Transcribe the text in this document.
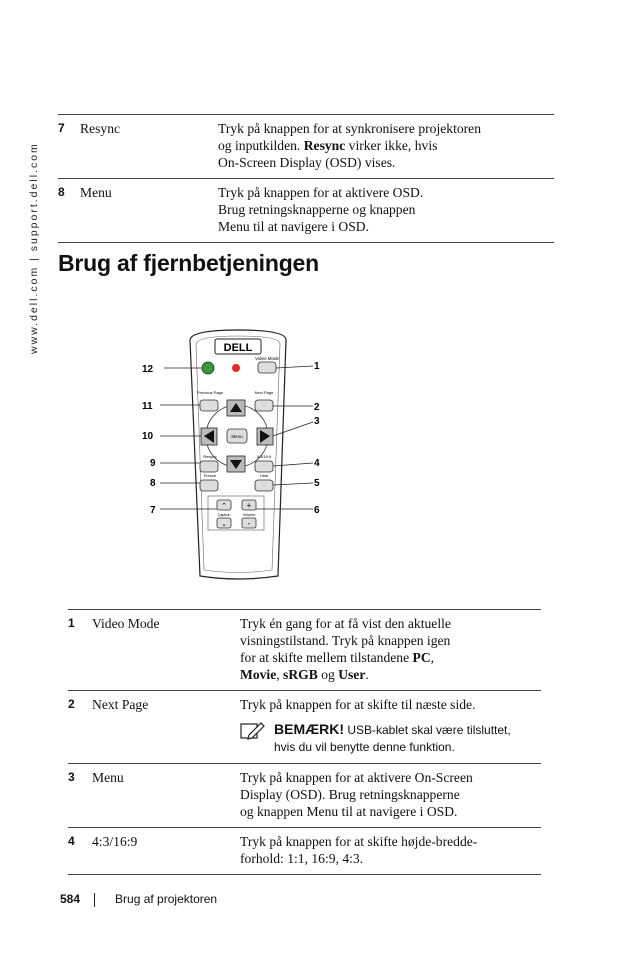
www.dell.com | support.dell.com
7	Resync	Tryk på knappen for at synkronisere projektoren
og inputkilden. Resync virker ikke, hvis
On-Screen Display (OSD) vises.
8	Menu	Tryk på knappen for at aktivere OSD.
Brug retningsknapperne og knappen
Menu til at navigere i OSD.
Brug af fjernbetjeningen
DELL
Video Mode
Previous Page	Next Page
Menu
Resync	4:3/16:9
Freeze	Hide
⌃ +
Caption	Volume
⌄	-
1
2
3
4
5
6
7
8
9
10
11
12
1	Video Mode	Tryk én gang for at få vist den aktuelle
visningstilstand. Tryk på knappen igen
for at skifte mellem tilstandene PC,
Movie, sRGB og User.
2	Next Page	Tryk på knappen for at skifte til næste side.
BEMÆRK! USB-kablet skal være tilsluttet,
hvis du vil benytte denne funktion.

3	Menu	Tryk på knappen for at aktivere On-Screen
Display (OSD). Brug retningsknapperne
og knappen Menu til at navigere i OSD.
4	4:3/16:9	Tryk på knappen for at skifte højde-bredde-
forhold: 1:1, 16:9, 4:3.
584	Brug af projektoren
